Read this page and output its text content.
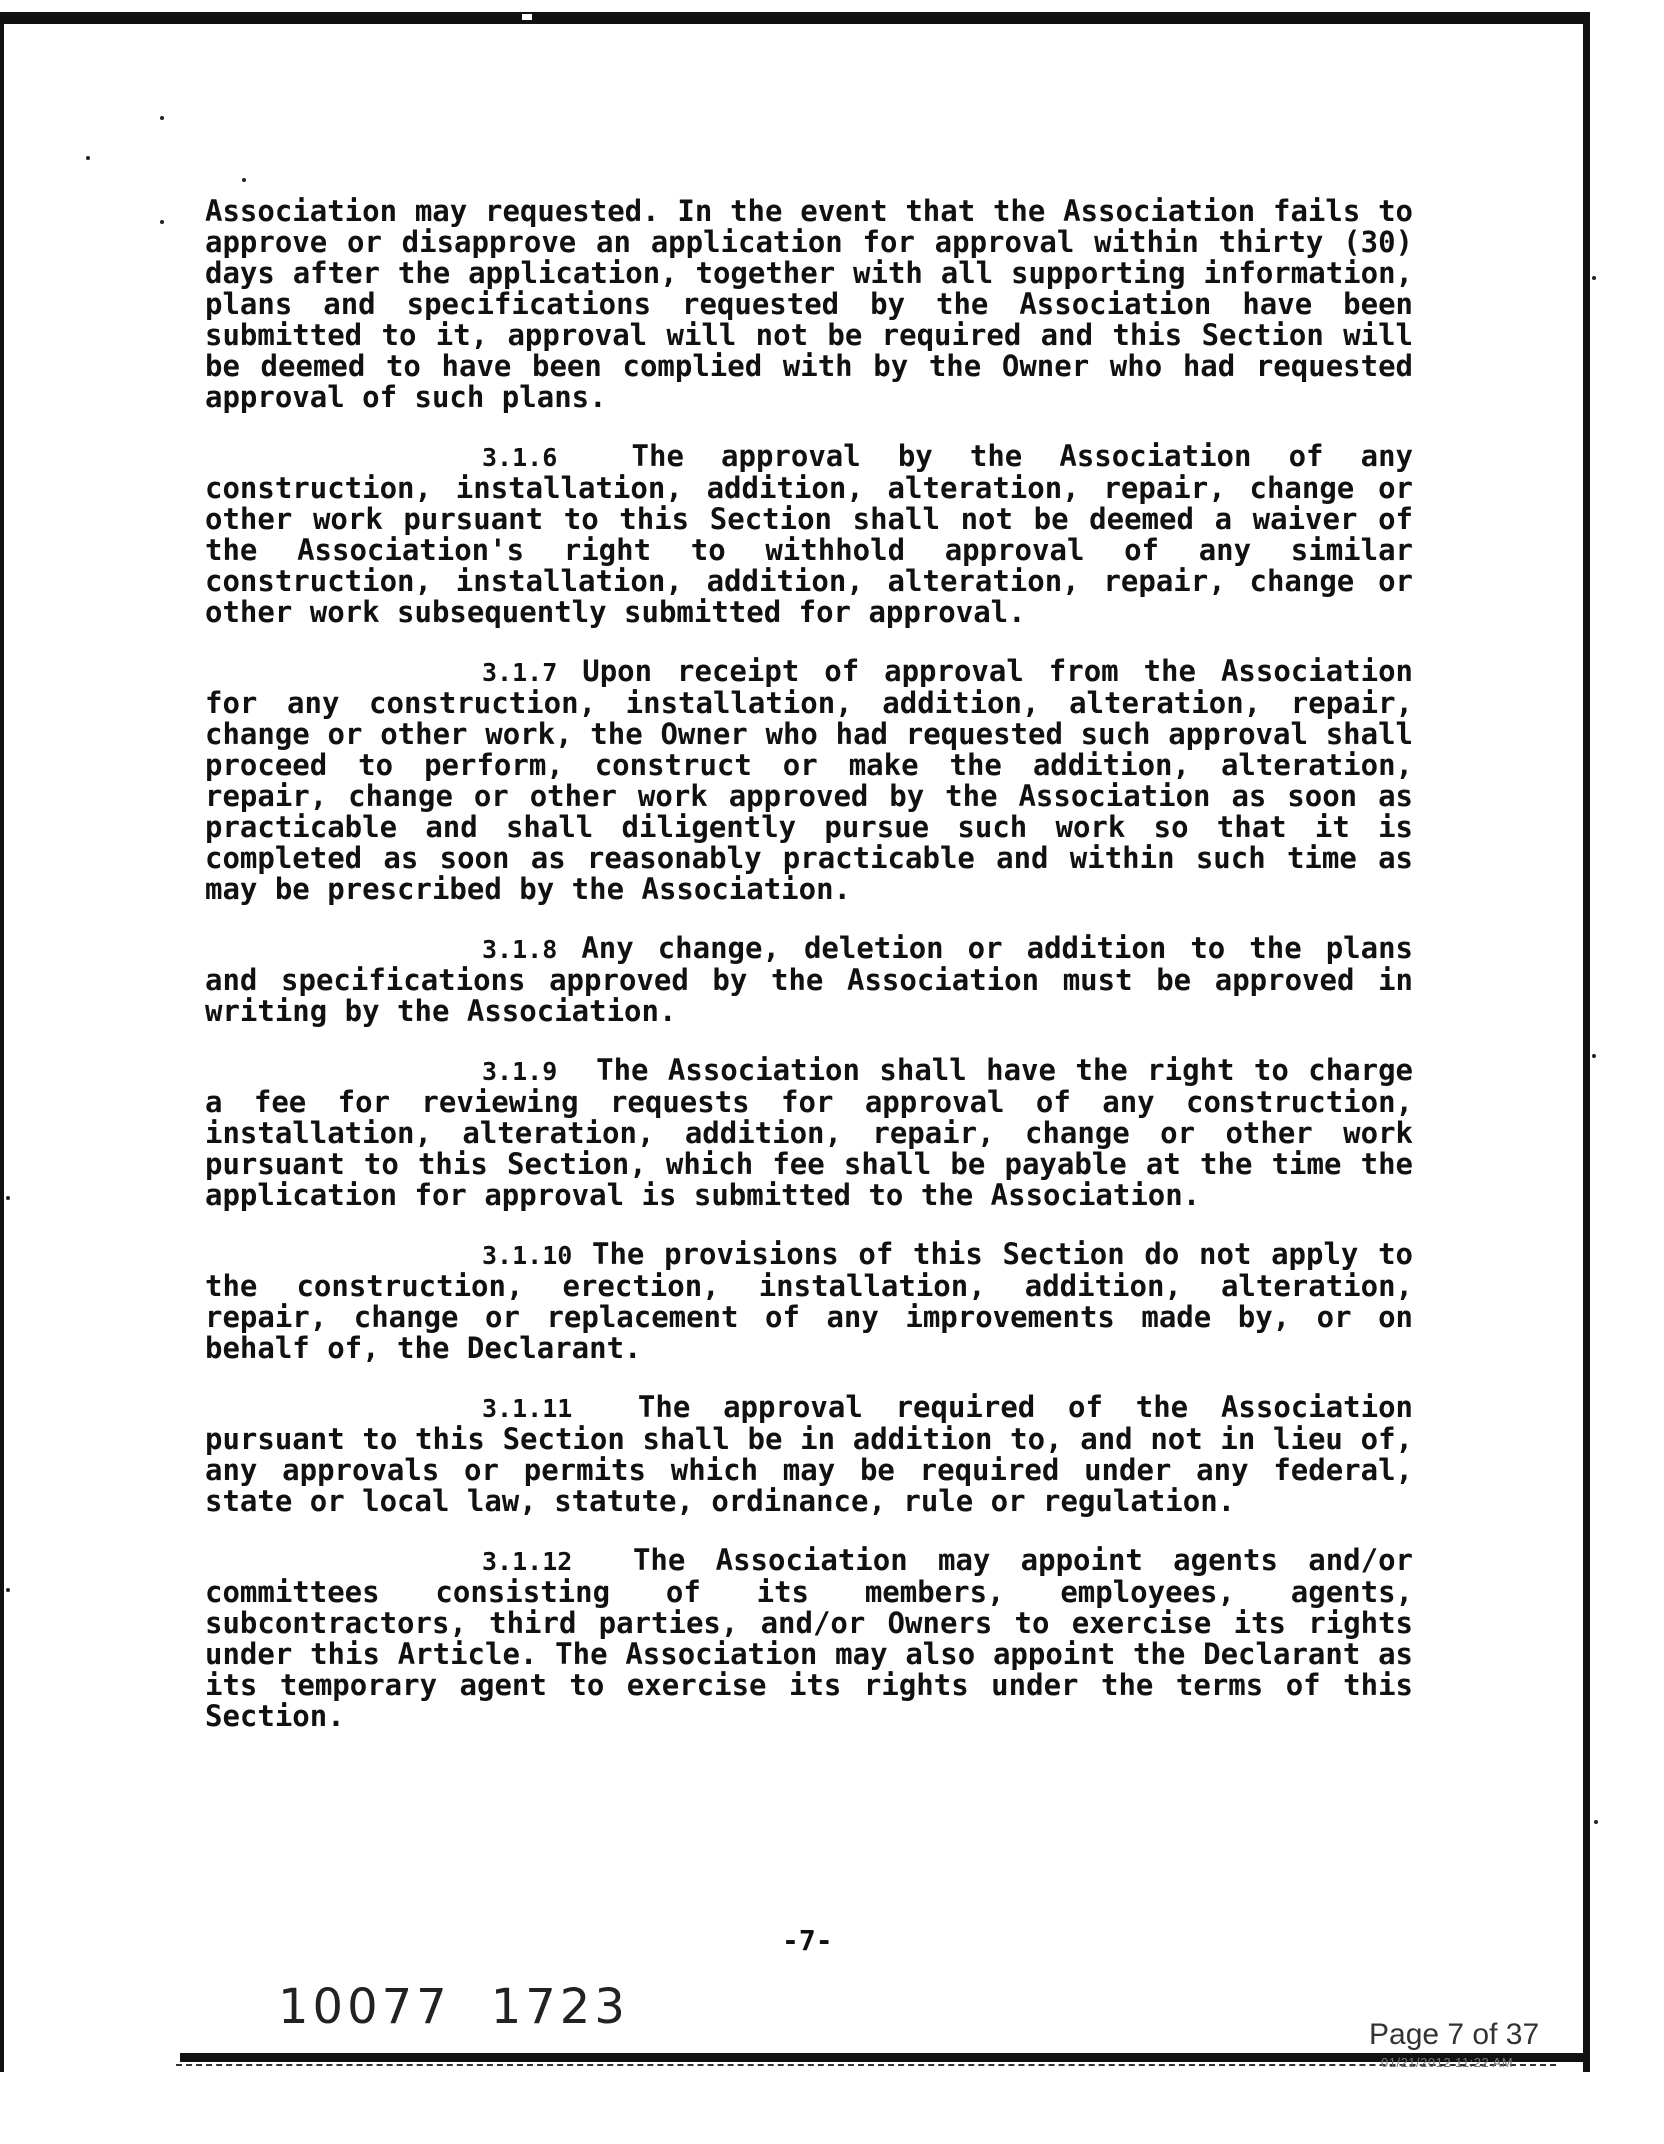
Association may requested. In the event that the Association fails to approve or disapprove an application for approval within thirty (30) days after the application, together with all supporting information, plans and specifications requested by the Association have been submitted to it, approval will not be required and this Section will be deemed to have been complied with by the Owner who had requested approval of such plans.

3.1.6	The approval by the Association of any construction, installation, addition, alteration, repair, change or other work pursuant to this Section shall not be deemed a waiver of the Association's right to withhold approval of any similar construction, installation, addition, alteration, repair, change or other work subsequently submitted for approval.

3.1.7 Upon receipt of approval from the Association for any construction, installation, addition, alteration, repair, change or other work, the Owner who had requested such approval shall proceed to perform, construct or make the addition, alteration, repair, change or other work approved by the Association as soon as practicable and shall diligently pursue such work so that it is completed as soon as reasonably practicable and within such time as may be prescribed by the Association.

3.1.8 Any change, deletion or addition to the plans and specifications approved by the Association must be approved in writing by the Association.

3.1.9 The Association shall have the right to charge a fee for reviewing requests for approval of any construction, installation, alteration, addition, repair, change or other work pursuant to this Section, which fee shall be payable at the time the application for approval is submitted to the Association.

3.1.10 The provisions of this Section do not apply to the construction, erection, installation, addition, alteration, repair, change or replacement of any improvements made by, or on behalf of, the Declarant.

3.1.11 The approval required of the Association pursuant to this Section shall be in addition to, and not in lieu of, any approvals or permits which may be required under any federal, state or local law, statute, ordinance, rule or regulation.

3.1.12 The Association may appoint agents and/or committees consisting of its members, employees, agents, subcontractors, third parties, and/or Owners to exercise its rights under this Article. The Association may also appoint the Declarant as its temporary agent to exercise its rights under the terms of this Section.

-7-
10077 1723	Page 7 of 37
01/21/2012 11:22 AM
